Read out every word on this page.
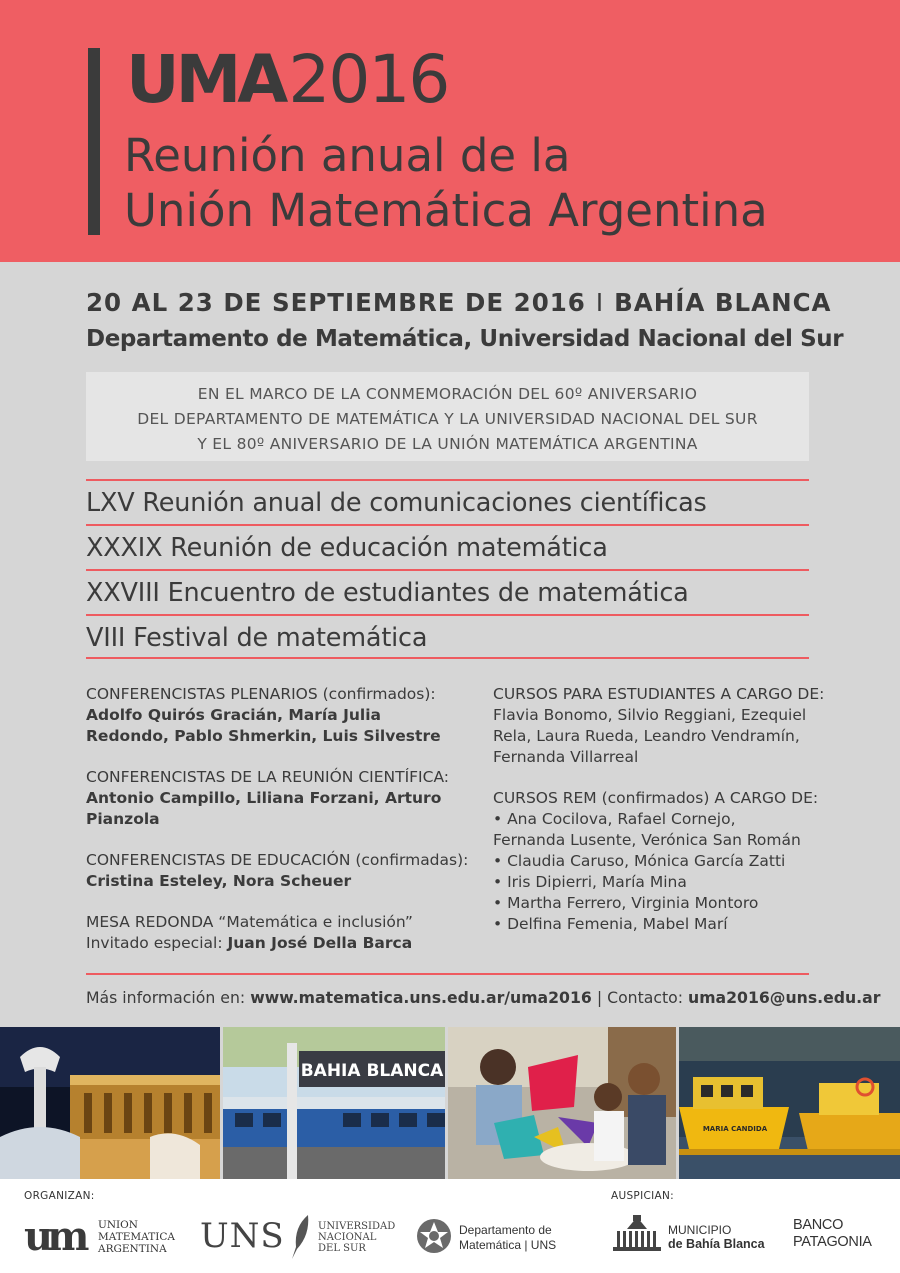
UMA2016
Reunión anual de la
Unión Matemática Argentina
20 AL 23 DE SEPTIEMBRE DE 2016 I BAHÍA BLANCA
Departamento de Matemática, Universidad Nacional del Sur
EN EL MARCO DE LA CONMEMORACIÓN DEL 60º ANIVERSARIO
DEL DEPARTAMENTO DE MATEMÁTICA Y LA UNIVERSIDAD NACIONAL DEL SUR
Y EL 80º ANIVERSARIO DE LA UNIÓN MATEMÁTICA ARGENTINA
LXV Reunión anual de comunicaciones científicas
XXXIX Reunión de educación matemática
XXVIII Encuentro de estudiantes de matemática
VIII Festival de matemática
CONFERENCISTAS PLENARIOS (confirmados):
Adolfo Quirós Gracián, María Julia Redondo, Pablo Shmerkin, Luis Silvestre
CONFERENCISTAS DE LA REUNIÓN CIENTÍFICA:
Antonio Campillo, Liliana Forzani, Arturo Pianzola
CONFERENCISTAS DE EDUCACIÓN (confirmadas):
Cristina Esteley, Nora Scheuer
MESA REDONDA “Matemática e inclusión”
Invitado especial: Juan José Della Barca
CURSOS PARA ESTUDIANTES A CARGO DE:
Flavia Bonomo, Silvio Reggiani, Ezequiel Rela, Laura Rueda, Leandro Vendramín, Fernanda Villarreal
CURSOS REM (confirmados) A CARGO DE:
• Ana Cocilova, Rafael Cornejo,
Fernanda Lusente, Verónica San Román
• Claudia Caruso, Mónica García Zatti
• Iris Dipierri, María Mina
• Martha Ferrero, Virginia Montoro
• Delfina Femenia, Mabel Marí
Más información en: www.matematica.uns.edu.ar/uma2016 | Contacto: uma2016@uns.edu.ar
BAHIA BLANCA
MARIA CANDIDA
ORGANIZAN:	AUSPICIAN:
um UNION
MATEMATICA
ARGENTINA UNS	UNIVERSIDAD
NACIONAL
DEL SUR
Departamento de
Matemática | UNS
MUNICIPIO
de Bahía Blanca
BANCO
PATAGONIA
